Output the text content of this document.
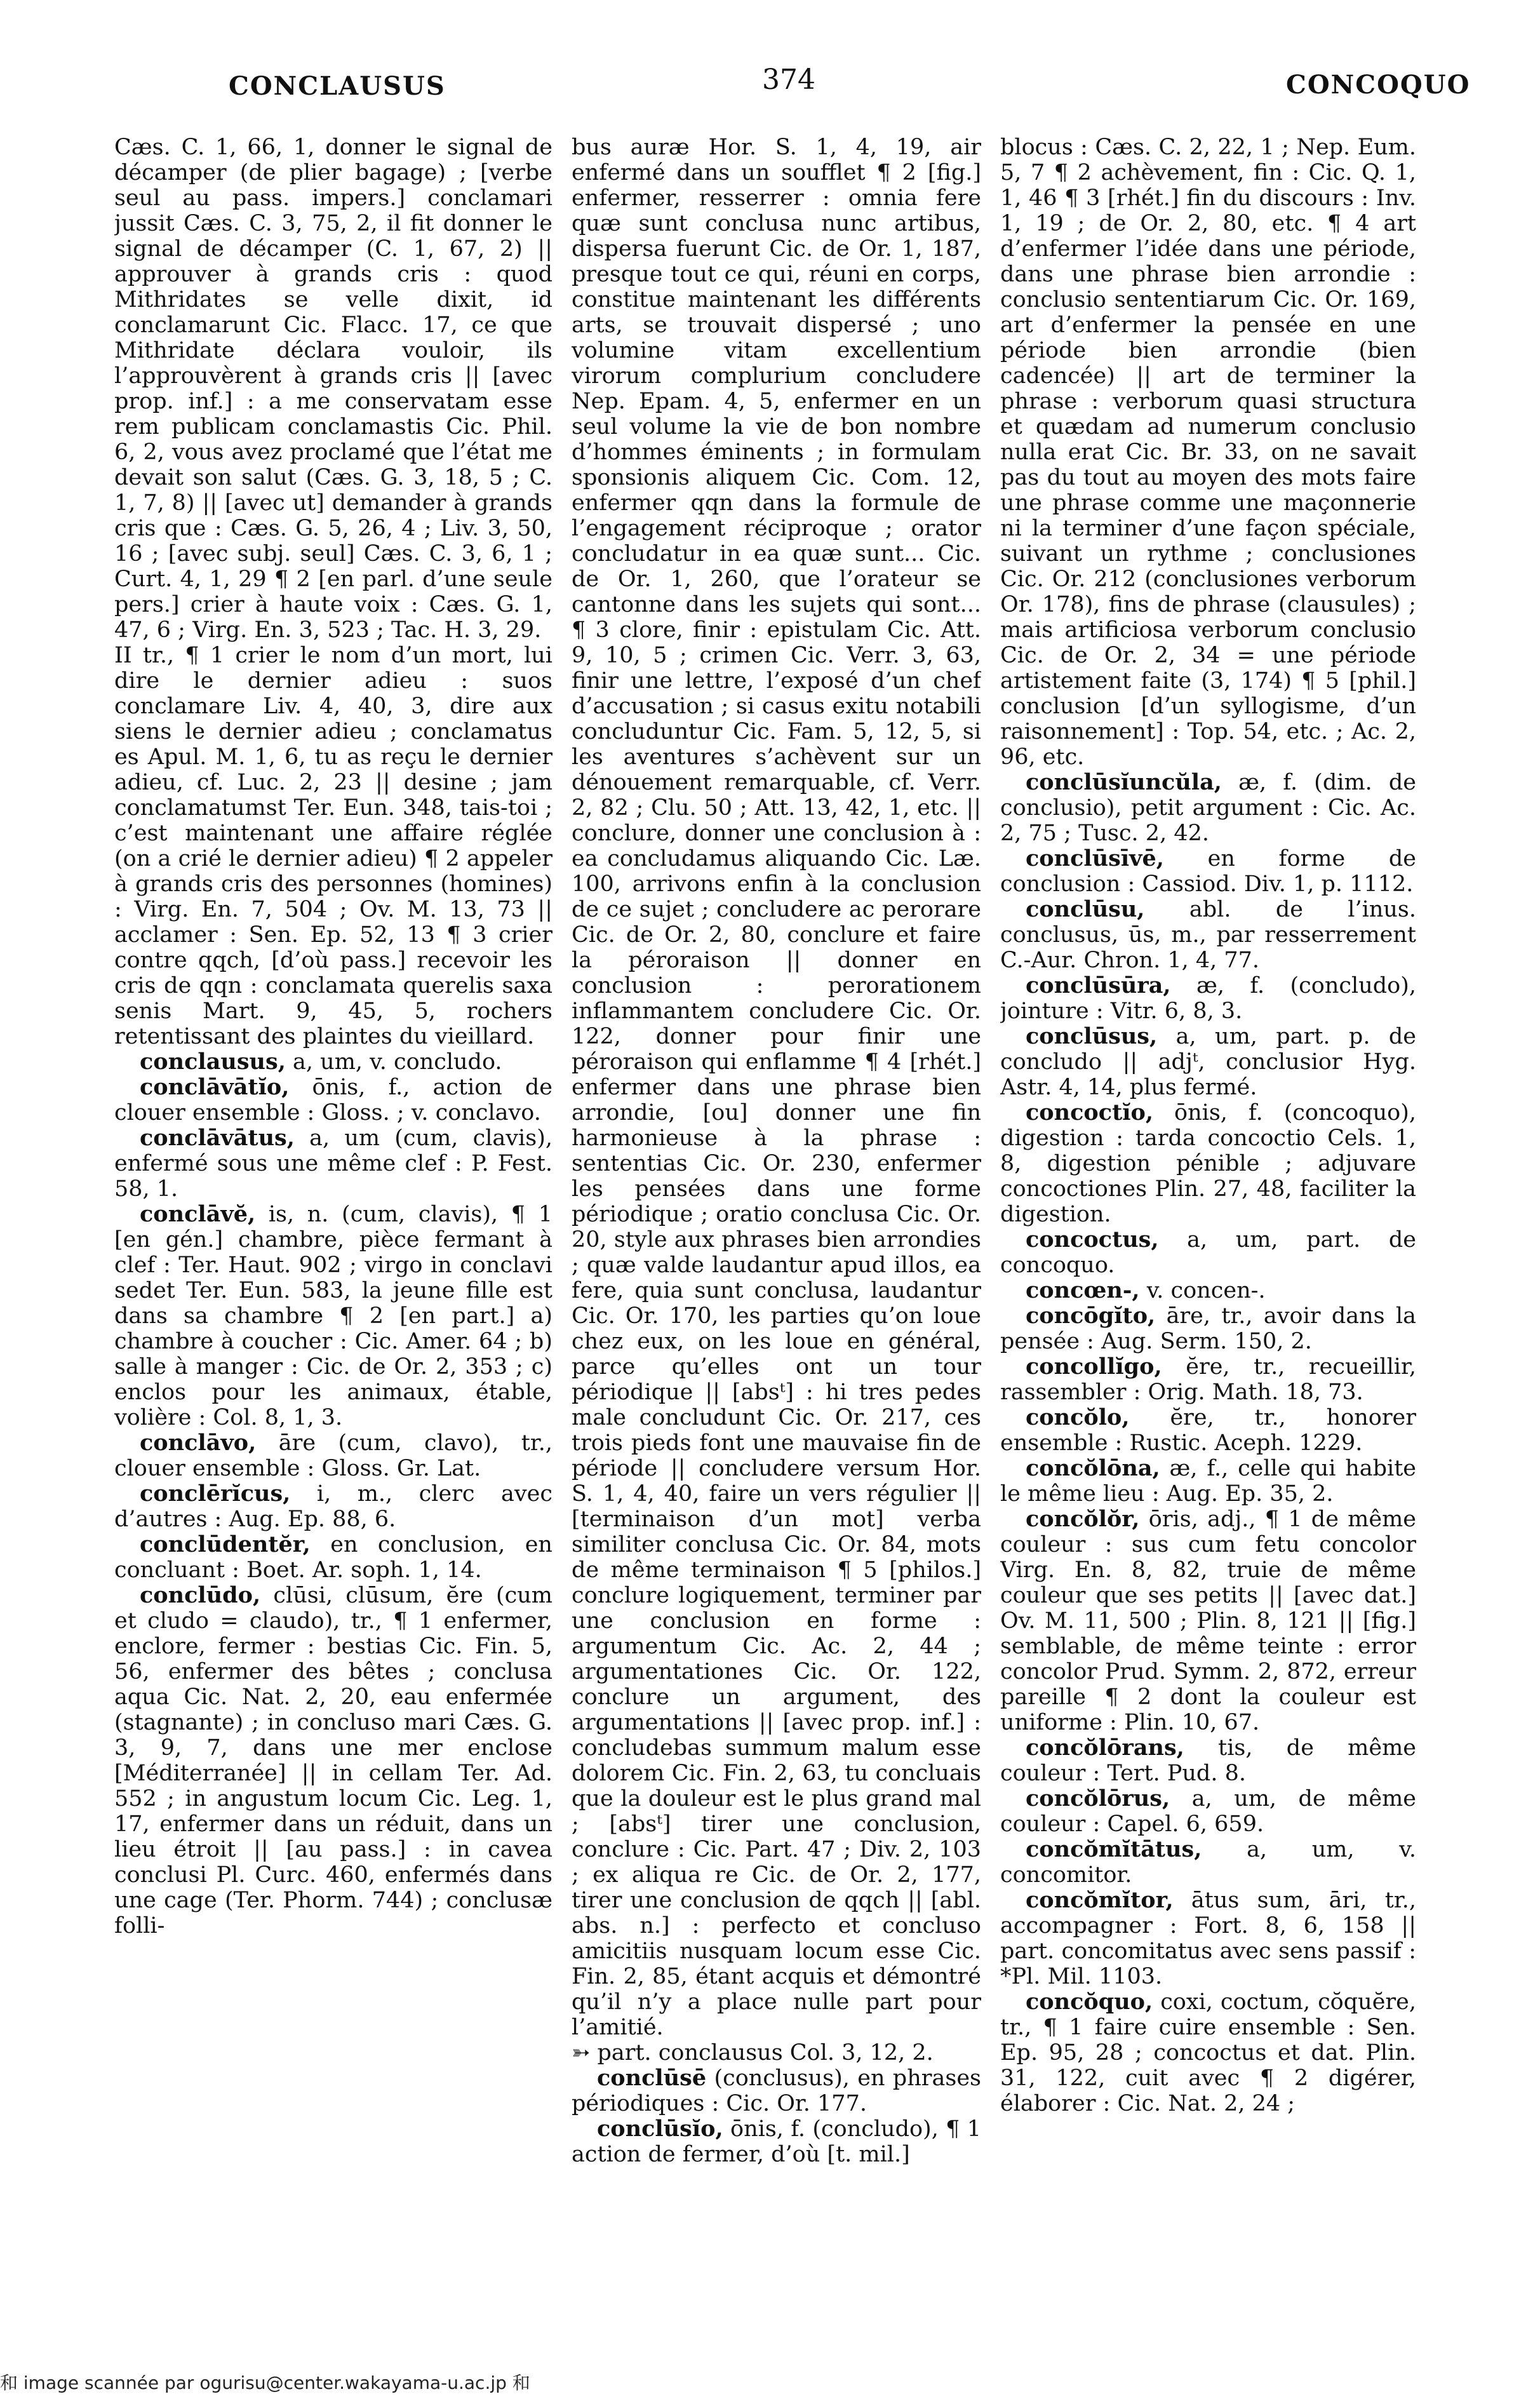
CONCLAUSUS	374	CONCOQUO

Cæs. C. 1, 66, 1, donner le signal de décamper (de plier bagage) ; [verbe seul au pass. impers.] conclamari jussit Cæs. C. 3, 75, 2, il fit donner le signal de décamper (C. 1, 67, 2) || approuver à grands cris : quod Mithridates se velle dixit, id conclamarunt Cic. Flacc. 17, ce que Mithridate déclara vouloir, ils l’approuvèrent à grands cris || [avec prop. inf.] : a me conservatam esse rem publicam conclamastis Cic. Phil. 6, 2, vous avez proclamé que l’état me devait son salut (Cæs. G. 3, 18, 5 ; C. 1, 7, 8) || [avec ut] demander à grands cris que : Cæs. G. 5, 26, 4 ; Liv. 3, 50, 16 ; [avec subj. seul] Cæs. C. 3, 6, 1 ; Curt. 4, 1, 29 ¶ 2 [en parl. d’une seule pers.] crier à haute voix : Cæs. G. 1, 47, 6 ; Virg. En. 3, 523 ; Tac. H. 3, 29.

II tr., ¶ 1 crier le nom d’un mort, lui dire le dernier adieu : suos conclamare Liv. 4, 40, 3, dire aux siens le dernier adieu ; conclamatus es Apul. M. 1, 6, tu as reçu le dernier adieu, cf. Luc. 2, 23 || desine ; jam conclamatumst Ter. Eun. 348, tais-toi ; c’est maintenant une affaire réglée (on a crié le dernier adieu) ¶ 2 appeler à grands cris des personnes (homines) : Virg. En. 7, 504 ; Ov. M. 13, 73 || acclamer : Sen. Ep. 52, 13 ¶ 3 crier contre qqch, [d’où pass.] recevoir les cris de qqn : conclamata querelis saxa senis Mart. 9, 45, 5, rochers retentissant des plaintes du vieillard.

conclausus, a, um, v. concludo.

conclāvātĭo, ōnis, f., action de clouer ensemble : Gloss. ; v. conclavo.

conclāvātus, a, um (cum, clavis), enfermé sous une même clef : P. Fest. 58, 1.

conclāvĕ, is, n. (cum, clavis), ¶ 1 [en gén.] chambre, pièce fermant à clef : Ter. Haut. 902 ; virgo in conclavi sedet Ter. Eun. 583, la jeune fille est dans sa chambre ¶ 2 [en part.] a) chambre à coucher : Cic. Amer. 64 ; b) salle à manger : Cic. de Or. 2, 353 ; c) enclos pour les animaux, étable, volière : Col. 8, 1, 3.

conclāvo, āre (cum, clavo), tr., clouer ensemble : Gloss. Gr. Lat.

conclērĭcus, i, m., clerc avec d’autres : Aug. Ep. 88, 6.

conclūdentĕr, en conclusion, en concluant : Boet. Ar. soph. 1, 14.

conclūdo, clūsi, clūsum, ĕre (cum et cludo = claudo), tr., ¶ 1 enfermer, enclore, fermer : bestias Cic. Fin. 5, 56, enfermer des bêtes ; conclusa aqua Cic. Nat. 2, 20, eau enfermée (stagnante) ; in concluso mari Cæs. G. 3, 9, 7, dans une mer enclose [Méditerranée] || in cellam Ter. Ad. 552 ; in angustum locum Cic. Leg. 1, 17, enfermer dans un réduit, dans un lieu étroit || [au pass.] : in cavea conclusi Pl. Curc. 460, enfermés dans une cage (Ter. Phorm. 744) ; conclusæ folli-

bus auræ Hor. S. 1, 4, 19, air enfermé dans un soufflet ¶ 2 [fig.] enfermer, resserrer : omnia fere quæ sunt conclusa nunc artibus, dispersa fuerunt Cic. de Or. 1, 187, presque tout ce qui, réuni en corps, constitue maintenant les différents arts, se trouvait dispersé ; uno volumine vitam excellentium virorum complurium concludere Nep. Epam. 4, 5, enfermer en un seul volume la vie de bon nombre d’hommes éminents ; in formulam sponsionis aliquem Cic. Com. 12, enfermer qqn dans la formule de l’engagement réciproque ; orator concludatur in ea quæ sunt... Cic. de Or. 1, 260, que l’orateur se cantonne dans les sujets qui sont... ¶ 3 clore, finir : epistulam Cic. Att. 9, 10, 5 ; crimen Cic. Verr. 3, 63, finir une lettre, l’exposé d’un chef d’accusation ; si casus exitu notabili concluduntur Cic. Fam. 5, 12, 5, si les aventures s’achèvent sur un dénouement remarquable, cf. Verr. 2, 82 ; Clu. 50 ; Att. 13, 42, 1, etc. || conclure, donner une conclusion à : ea concludamus aliquando Cic. Læ. 100, arrivons enfin à la conclusion de ce sujet ; concludere ac perorare Cic. de Or. 2, 80, conclure et faire la péroraison || donner en conclusion : perorationem inflammantem concludere Cic. Or. 122, donner pour finir une péroraison qui enflamme ¶ 4 [rhét.] enfermer dans une phrase bien arrondie, [ou] donner une fin harmonieuse à la phrase : sententias Cic. Or. 230, enfermer les pensées dans une forme périodique ; oratio conclusa Cic. Or. 20, style aux phrases bien arrondies ; quæ valde laudantur apud illos, ea fere, quia sunt conclusa, laudantur Cic. Or. 170, les parties qu’on loue chez eux, on les loue en général, parce qu’elles ont un tour périodique || [absᵗ] : hi tres pedes male concludunt Cic. Or. 217, ces trois pieds font une mauvaise fin de période || concludere versum Hor. S. 1, 4, 40, faire un vers régulier || [terminaison d’un mot] verba similiter conclusa Cic. Or. 84, mots de même terminaison ¶ 5 [philos.] conclure logiquement, terminer par une conclusion en forme : argumentum Cic. Ac. 2, 44 ; argumentationes Cic. Or. 122, conclure un argument, des argumentations || [avec prop. inf.] : concludebas summum malum esse dolorem Cic. Fin. 2, 63, tu concluais que la douleur est le plus grand mal ; [absᵗ] tirer une conclusion, conclure : Cic. Part. 47 ; Div. 2, 103 ; ex aliqua re Cic. de Or. 2, 177, tirer une conclusion de qqch || [abl. abs. n.] : perfecto et concluso amicitiis nusquam locum esse Cic. Fin. 2, 85, étant acquis et démontré qu’il n’y a place nulle part pour l’amitié.

➳ part. conclausus Col. 3, 12, 2.

conclūsē (conclusus), en phrases périodiques : Cic. Or. 177.

conclūsĭo, ōnis, f. (concludo), ¶ 1 action de fermer, d’où [t. mil.]

blocus : Cæs. C. 2, 22, 1 ; Nep. Eum. 5, 7 ¶ 2 achèvement, fin : Cic. Q. 1, 1, 46 ¶ 3 [rhét.] fin du discours : Inv. 1, 19 ; de Or. 2, 80, etc. ¶ 4 art d’enfermer l’idée dans une période, dans une phrase bien arrondie : conclusio sententiarum Cic. Or. 169, art d’enfermer la pensée en une période bien arrondie (bien cadencée) || art de terminer la phrase : verborum quasi structura et quædam ad numerum conclusio nulla erat Cic. Br. 33, on ne savait pas du tout au moyen des mots faire une phrase comme une maçonnerie ni la terminer d’une façon spéciale, suivant un rythme ; conclusiones Cic. Or. 212 (conclusiones verborum Or. 178), fins de phrase (clausules) ; mais artificiosa verborum conclusio Cic. de Or. 2, 34 = une période artistement faite (3, 174) ¶ 5 [phil.] conclusion [d’un syllogisme, d’un raisonnement] : Top. 54, etc. ; Ac. 2, 96, etc.

conclūsĭuncŭla, æ, f. (dim. de conclusio), petit argument : Cic. Ac. 2, 75 ; Tusc. 2, 42.

conclūsīvē, en forme de conclusion : Cassiod. Div. 1, p. 1112.

conclūsu, abl. de l’inus. conclusus, ūs, m., par resserrement C.-Aur. Chron. 1, 4, 77.

conclūsūra, æ, f. (concludo), jointure : Vitr. 6, 8, 3.

conclūsus, a, um, part. p. de concludo || adjᵗ, conclusior Hyg. Astr. 4, 14, plus fermé.

concoctĭo, ōnis, f. (concoquo), digestion : tarda concoctio Cels. 1, 8, digestion pénible ; adjuvare concoctiones Plin. 27, 48, faciliter la digestion.

concoctus, a, um, part. de concoquo.

concœn-, v. concen-.

concōgĭto, āre, tr., avoir dans la pensée : Aug. Serm. 150, 2.

concollĭgo, ĕre, tr., recueillir, rassembler : Orig. Math. 18, 73.

concŏlo, ĕre, tr., honorer ensemble : Rustic. Aceph. 1229.

concŏlōna, æ, f., celle qui habite le même lieu : Aug. Ep. 35, 2.

concŏlŏr, ōris, adj., ¶ 1 de même couleur : sus cum fetu concolor Virg. En. 8, 82, truie de même couleur que ses petits || [avec dat.] Ov. M. 11, 500 ; Plin. 8, 121 || [fig.] semblable, de même teinte : error concolor Prud. Symm. 2, 872, erreur pareille ¶ 2 dont la couleur est uniforme : Plin. 10, 67.

concŏlōrans, tis, de même couleur : Tert. Pud. 8.

concŏlōrus, a, um, de même couleur : Capel. 6, 659.

concŏmĭtātus, a, um, v. concomitor.

concŏmĭtor, ātus sum, āri, tr., accompagner : Fort. 8, 6, 158 || part. concomitatus avec sens passif : *Pl. Mil. 1103.

concŏquo, coxi, coctum, cŏquĕre, tr., ¶ 1 faire cuire ensemble : Sen. Ep. 95, 28 ; concoctus et dat. Plin. 31, 122, cuit avec ¶ 2 digérer, élaborer : Cic. Nat. 2, 24 ;

和 image scannée par ogurisu@center.wakayama-u.ac.jp 和
